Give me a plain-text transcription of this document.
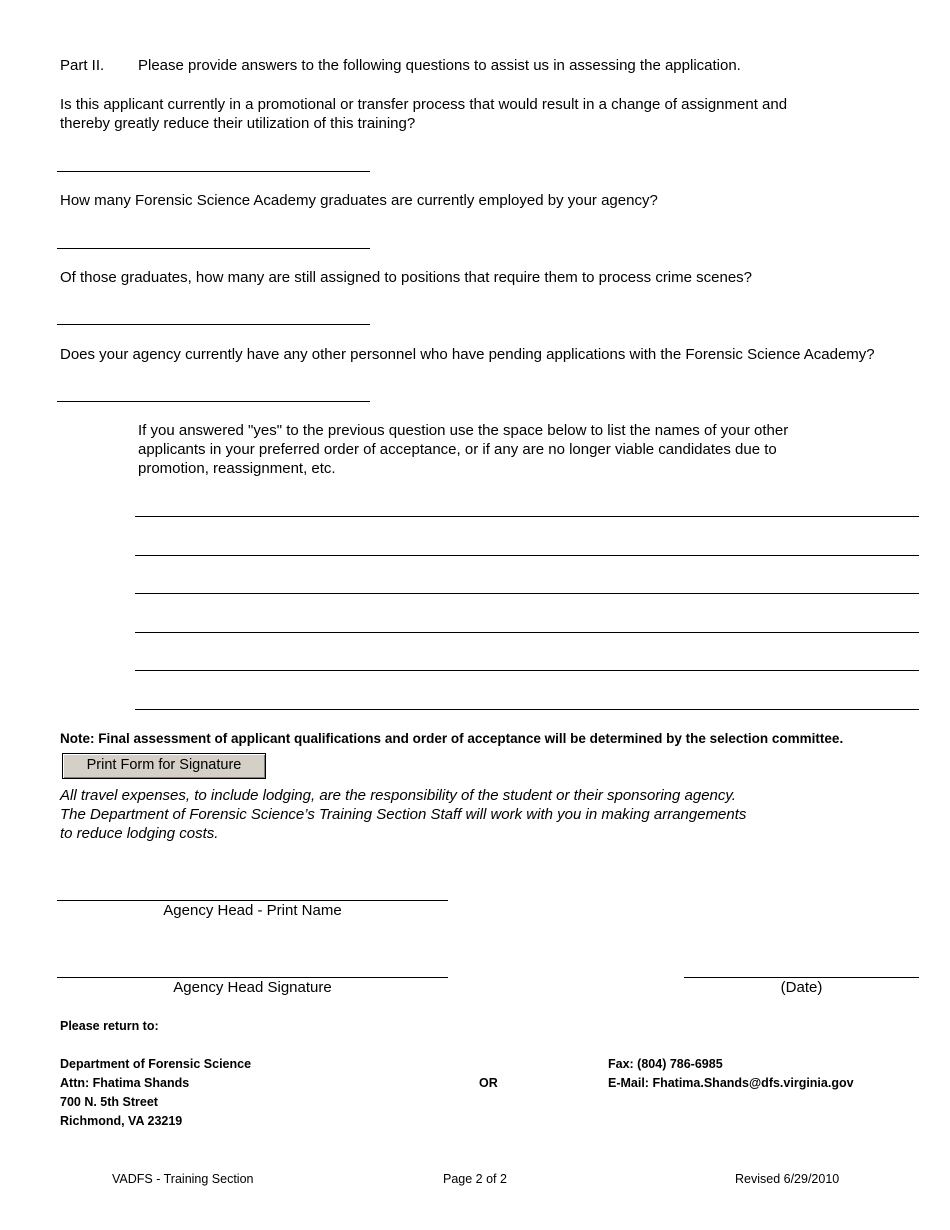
Part II. Please provide answers to the following questions to assist us in assessing the application.
Is this applicant currently in a promotional or transfer process that would result in a change of assignment and
thereby greatly reduce their utilization of this training?
How many Forensic Science Academy graduates are currently employed by your agency?
Of those graduates, how many are still assigned to positions that require them to process crime scenes?
Does your agency currently have any other personnel who have pending applications with the Forensic Science Academy?
If you answered "yes" to the previous question use the space below to list the names of your other
applicants in your preferred order of acceptance, or if any are no longer viable candidates due to
promotion, reassignment, etc.
Note: Final assessment of applicant qualifications and order of acceptance will be determined by the selection committee.
Print Form for Signature
All travel expenses, to include lodging, are the responsibility of the student or their sponsoring agency.
The Department of Forensic Science’s Training Section Staff will work with you in making arrangements
to reduce lodging costs.
Agency Head - Print Name
Agency Head Signature	(Date)
Please return to:
Department of Forensic Science
Attn: Fhatima Shands
700 N. 5th Street
Richmond, VA 23219
OR
Fax: (804) 786-6985
E-Mail: Fhatima.Shands@dfs.virginia.gov
VADFS - Training Section	Page 2 of 2	Revised 6/29/2010
